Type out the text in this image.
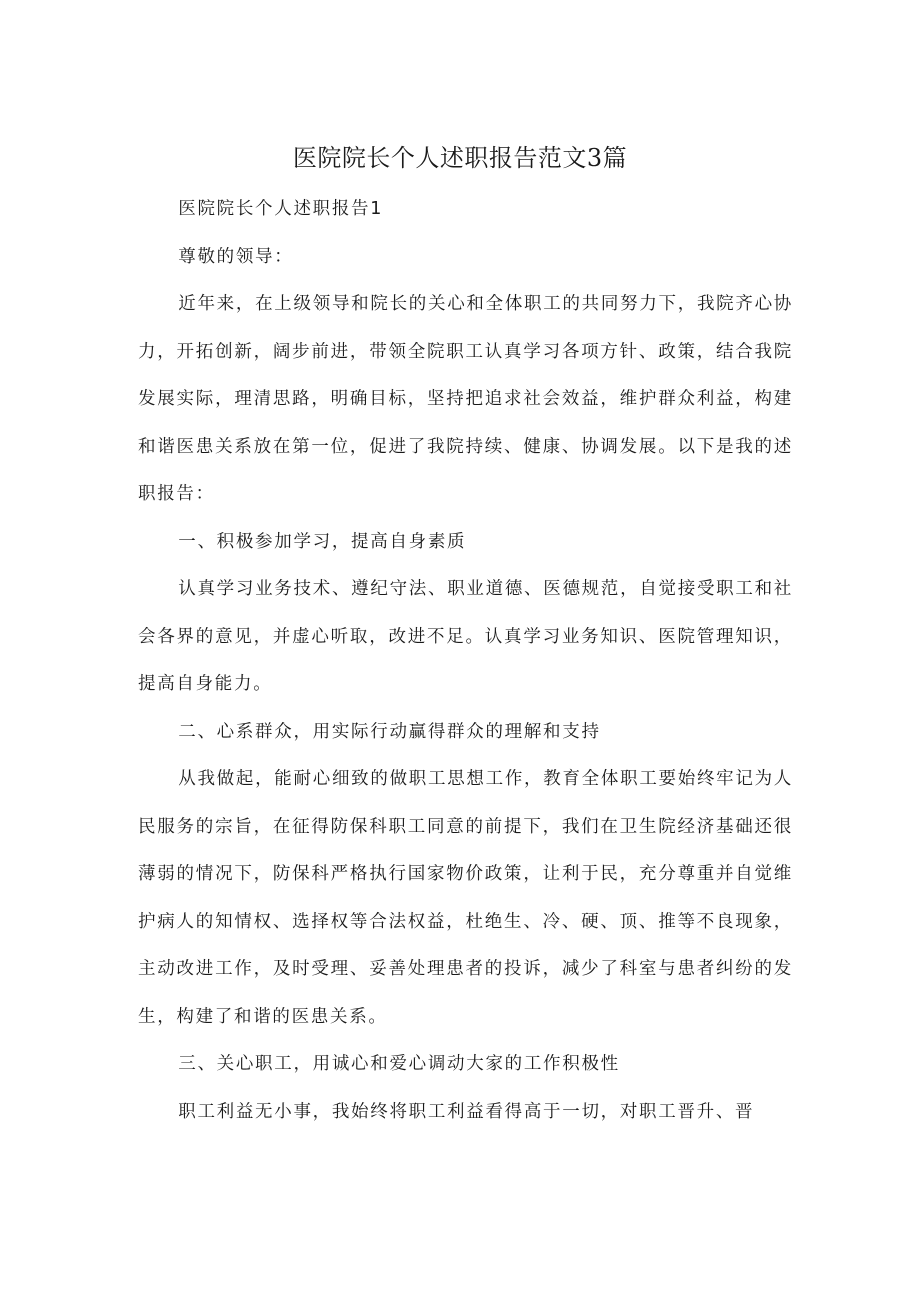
医院院长个人述职报告范文3篇

医院院长个人述职报告1

尊敬的领导：

近年来，在上级领导和院长的关心和全体职工的共同努力下，我院齐心协力，开拓创新，阔步前进，带领全院职工认真学习各项方针、政策，结合我院发展实际，理清思路，明确目标，坚持把追求社会效益，维护群众利益，构建和谐医患关系放在第一位，促进了我院持续、健康、协调发展。以下是我的述职报告：

一、积极参加学习，提高自身素质

认真学习业务技术、遵纪守法、职业道德、医德规范，自觉接受职工和社会各界的意见，并虚心听取，改进不足。认真学习业务知识、医院管理知识，提高自身能力。

二、心系群众，用实际行动赢得群众的理解和支持

从我做起，能耐心细致的做职工思想工作，教育全体职工要始终牢记为人民服务的宗旨，在征得防保科职工同意的前提下，我们在卫生院经济基础还很薄弱的情况下，防保科严格执行国家物价政策，让利于民，充分尊重并自觉维护病人的知情权、选择权等合法权益，杜绝生、冷、硬、顶、推等不良现象，主动改进工作，及时受理、妥善处理患者的投诉，减少了科室与患者纠纷的发生，构建了和谐的医患关系。

三、关心职工，用诚心和爱心调动大家的工作积极性

职工利益无小事，我始终将职工利益看得高于一切，对职工晋升、晋
